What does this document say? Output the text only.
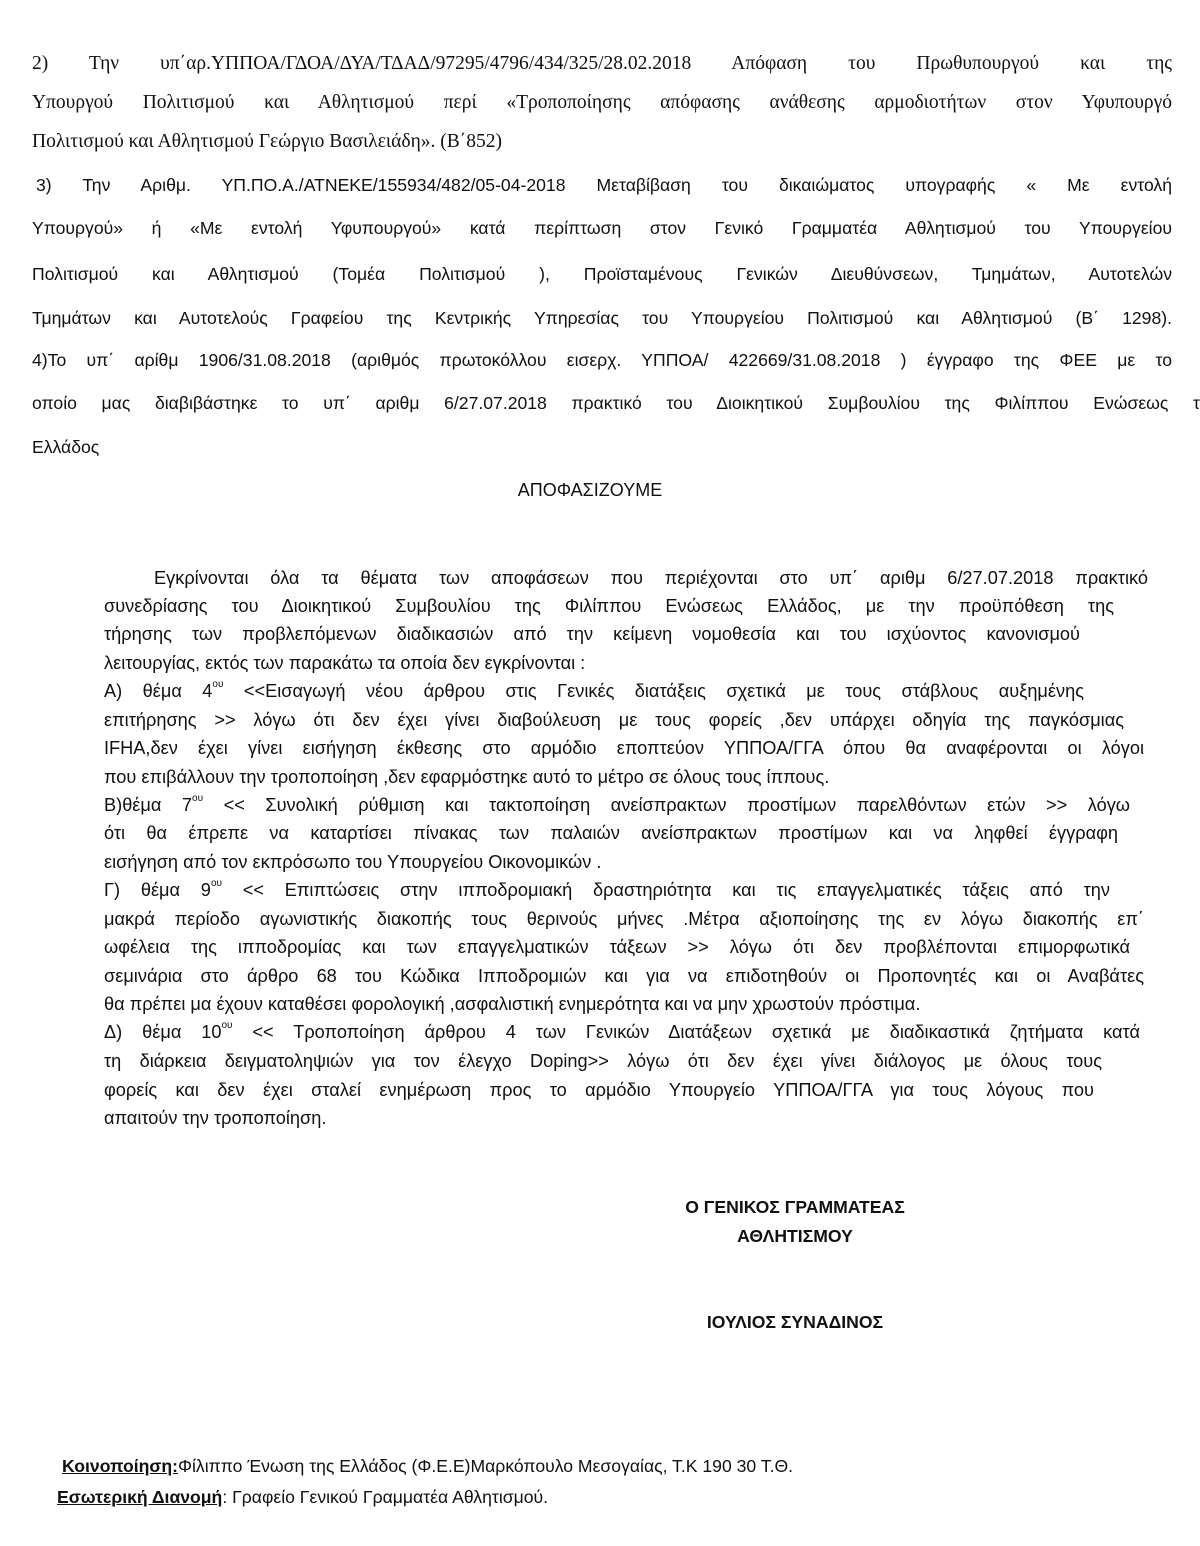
2) Την υπ΄αρ.ΥΠΠΟΑ/ΓΔΟΑ/ΔΥΑ/ΤΔΑΔ/97295/4796/434/325/28.02.2018 Απόφαση του Πρωθυπουργού και της
Υπουργού Πολιτισμού και Αθλητισμού περί «Τροποποίησης απόφασης ανάθεσης αρμοδιοτήτων στον Υφυπουργό
Πολιτισμού και Αθλητισμού Γεώργιο Βασιλειάδη». (Β΄852)
3) Την Αριθμ. ΥΠ.ΠΟ.Α./ΑΤΝΕΚΕ/155934/482/05-04-2018 Μεταβίβαση του δικαιώματος υπογραφής « Με εντολή
Υπουργού» ή «Με εντολή Υφυπουργού» κατά περίπτωση στον Γενικό Γραμματέα Αθλητισμού του Υπουργείου
Πολιτισμού και Αθλητισμού (Τομέα Πολιτισμού ), Προϊσταμένους Γενικών Διευθύνσεων, Τμημάτων, Αυτοτελών
Τμημάτων και Αυτοτελούς Γραφείου της Κεντρικής Υπηρεσίας του Υπουργείου Πολιτισμού και Αθλητισμού (Β΄ 1298).
4)Το υπ΄ αρίθμ 1906/31.08.2018 (αριθμός πρωτοκόλλου εισερχ. ΥΠΠΟΑ/ 422669/31.08.2018 ) έγγραφο της ΦΕΕ με το
οποίο μας διαβιβάστηκε το υπ΄ αριθμ 6/27.07.2018 πρακτικό του Διοικητικού Συμβουλίου της Φιλίππου Ενώσεως τ
Ελλάδος
ΑΠΟΦΑΣΙΖΟΥΜΕ
Εγκρίνονται όλα τα θέματα των αποφάσεων που περιέχονται στο υπ΄ αριθμ 6/27.07.2018 πρακτικό
συνεδρίασης του Διοικητικού Συμβουλίου της Φιλίππου Ενώσεως Ελλάδος, με την προϋπόθεση της
τήρησης των προβλεπόμενων διαδικασιών από την κείμενη νομοθεσία και του ισχύοντος κανονισμού
λειτουργίας, εκτός των παρακάτω τα οποία δεν εγκρίνονται :
Α) θέμα $4^{o\upsilon} <<E\iota\sigma\alpha\gamma\omega\gamma ή$ νέου άρθρου στις Γενικές διατάξεις σχετικά με τους στάβλους αυξημένης
επιτήρησης >> λόγω ότι δεν έχει γίνει διαβούλευση με τους φορείς ,δεν υπάρχει οδηγία της παγκόσμιας
IFHA,δεν έχει γίνει εισήγηση έκθεσης στο αρμόδιο εποπτεύον ΥΠΠΟΑ/ΓΓΑ όπου θα αναφέρονται οι λόγοι
που επιβάλλουν την τροποποίηση ,δεν εφαρμόστηκε αυτό το μέτρο σε όλους τους ίππους.
Β)θέμα $7^{o\upsilon} << \Sigma\upsilon\nu o\lambda\iota\kappa ή$ ρύθμιση και τακτοποίηση ανείσπρακτων προστίμων παρελθόντων ετών >> λόγω
ότι θα έπρεπε να καταρτίσει πίνακας των παλαιών ανείσπρακτων προστίμων και να ληφθεί έγγραφη
εισήγηση από τον εκπρόσωπο του Υπουργείου Οικονομικών .
Γ) θέμα $9^{o\upsilon} << E\pi\iota\pi\tau ώ\sigma\varepsilon\iota\varsigma$ στην ιπποδρομιακή δραστηριότητα και τις επαγγελματικές τάξεις από την
μακρά περίοδο αγωνιστικής διακοπής τους θερινούς μήνες .Μέτρα αξιοποίησης της εν λόγω διακοπής επ΄
ωφέλεια της ιπποδρομίας και των επαγγελματικών τάξεων >> λόγω ότι δεν προβλέπονται επιμορφωτικά
σεμινάρια στο άρθρο 68 του Κώδικα Ιπποδρομιών και για να επιδοτηθούν οι Προπονητές και οι Αναβάτες
θα πρέπει μα έχουν καταθέσει φορολογική ,ασφαλιστική ενημερότητα και να μην χρωστούν πρόστιμα.
Δ) θέμα $10^{o\upsilon} << T\rho o\pi o\pi oί\eta\sigma\eta$ άρθρου 4 των Γενικών Διατάξεων σχετικά με διαδικαστικά ζητήματα κατά
τη διάρκεια δειγματοληψιών για τον έλεγχο Doping>> λόγω ότι δεν έχει γίνει διάλογος με όλους τους
φορείς και δεν έχει σταλεί ενημέρωση προς το αρμόδιο Υπουργείο ΥΠΠΟΑ/ΓΓΑ για τους λόγους που
απαιτούν την τροποποίηση.
Ο ΓΕΝΙΚΟΣ ΓΡΑΜΜΑΤΕΑΣ
ΑΘΛΗΤΙΣΜΟΥ
ΙΟΥΛΙΟΣ ΣΥΝΑΔΙΝΟΣ
Κοινοποίηση:Φίλιππο Ένωση της Ελλάδος (Φ.Ε.Ε)Μαρκόπουλο Μεσογαίας, Τ.Κ 190 30 Τ.Θ.
Εσωτερική Διανομή: Γραφείο Γενικού Γραμματέα Αθλητισμού.
